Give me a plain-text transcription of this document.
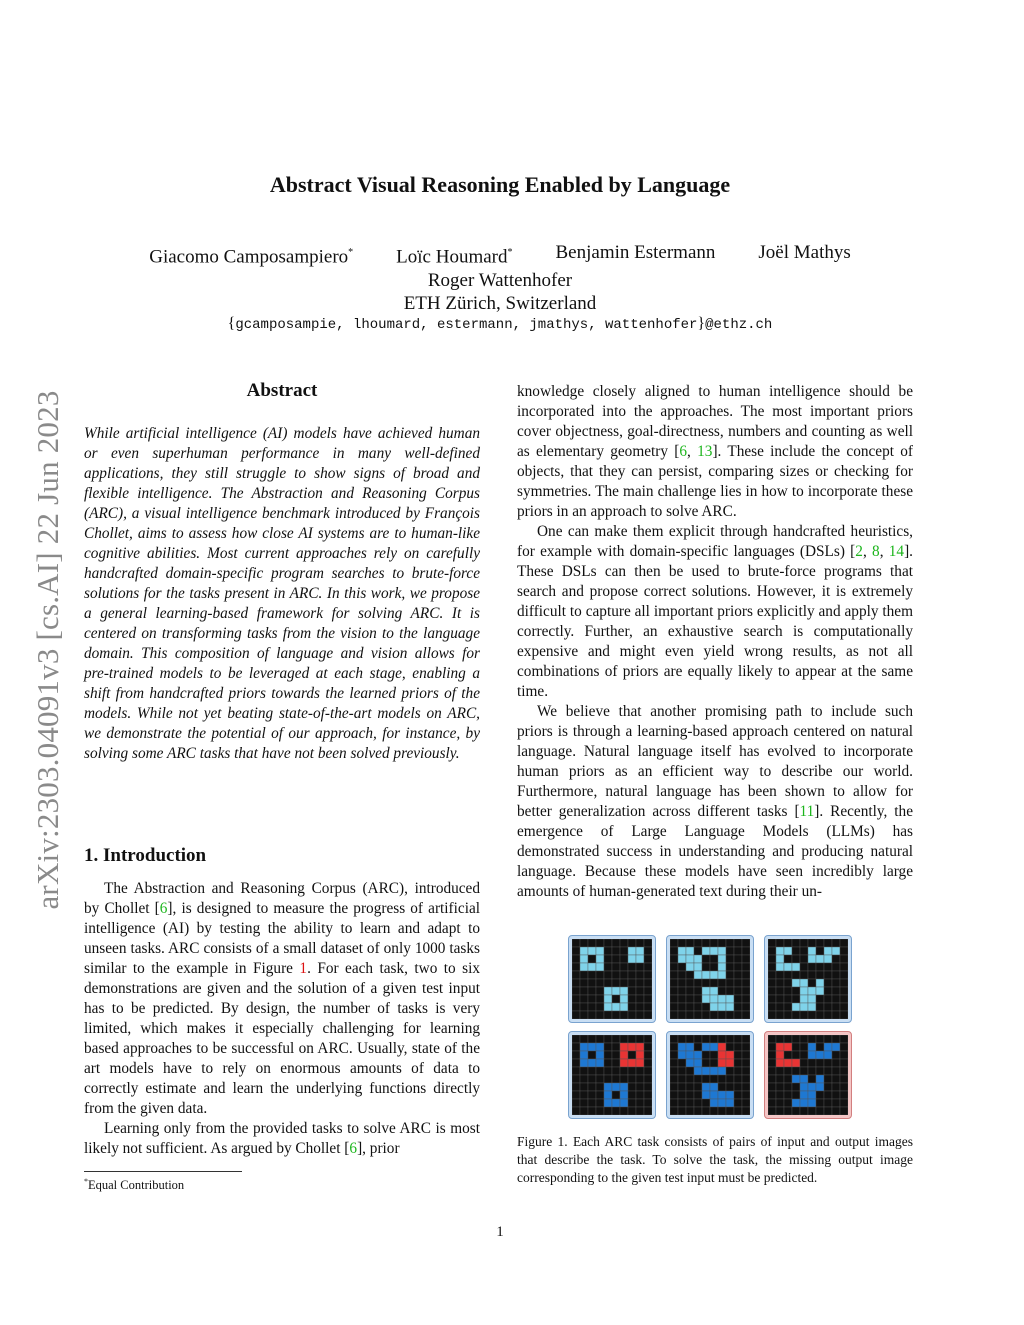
arXiv:2303.04091v3 [cs.AI] 22 Jun 2023
Abstract Visual Reasoning Enabled by Language
Giacomo Camposampiero* Loïc Houmard* Benjamin Estermann Joël Mathys
Roger Wattenhofer
ETH Zürich, Switzerland
{gcamposampie, lhoumard, estermann, jmathys, wattenhofer}@ethz.ch
Abstract
While artificial intelligence (AI) models have achieved human or even superhuman performance in many well-defined applications, they still struggle to show signs of broad and flexible intelligence. The Abstraction and Reasoning Corpus (ARC), a visual intelligence benchmark introduced by François Chollet, aims to assess how close AI systems are to human-like cognitive abilities. Most current approaches rely on carefully handcrafted domain-specific program searches to brute-force solutions for the tasks present in ARC. In this work, we propose a general learning-based framework for solving ARC. It is centered on transforming tasks from the vision to the language domain. This composition of language and vision allows for pre-trained models to be leveraged at each stage, enabling a shift from handcrafted priors towards the learned priors of the models. While not yet beating state-of-the-art models on ARC, we demonstrate the potential of our approach, for instance, by solving some ARC tasks that have not been solved previously.
1. Introduction

The Abstraction and Reasoning Corpus (ARC), introduced by Chollet [6], is designed to measure the progress of artificial intelligence (AI) by testing the ability to learn and adapt to unseen tasks. ARC consists of a small dataset of only 1000 tasks similar to the example in Figure 1. For each task, two to six demonstrations are given and the solution of a given test input has to be predicted. By design, the number of tasks is very limited, which makes it especially challenging for learning based approaches to be successful on ARC. Usually, state of the art models have to rely on enormous amounts of data to correctly estimate and learn the underlying functions directly from the given data.

Learning only from the provided tasks to solve ARC is most likely not sufficient. As argued by Chollet [6], prior

*Equal Contribution

knowledge closely aligned to human intelligence should be incorporated into the approaches. The most important priors cover objectness, goal-directness, numbers and counting as well as elementary geometry [6, 13]. These include the concept of objects, that they can persist, comparing sizes or checking for symmetries. The main challenge lies in how to incorporate these priors in an approach to solve ARC.

One can make them explicit through handcrafted heuristics, for example with domain-specific languages (DSLs) [2, 8, 14]. These DSLs can then be used to brute-force programs that search and propose correct solutions. However, it is extremely difficult to capture all important priors explicitly and apply them correctly. Further, an exhaustive search is computationally expensive and might even yield wrong results, as not all combinations of priors are equally likely to appear at the same time.

We believe that another promising path to include such priors is through a learning-based approach centered on natural language. Natural language itself has evolved to incorporate human priors as an efficient way to describe our world. Furthermore, natural language has been shown to allow for better generalization across different tasks [11]. Recently, the emergence of Large Language Models (LLMs) has demonstrated success in understanding and producing natural language. Because these models have seen incredibly large amounts of human-generated text during their un-

Figure 1. Each ARC task consists of pairs of input and output images that describe the task. To solve the task, the missing output image corresponding to the given test input must be predicted.
1
